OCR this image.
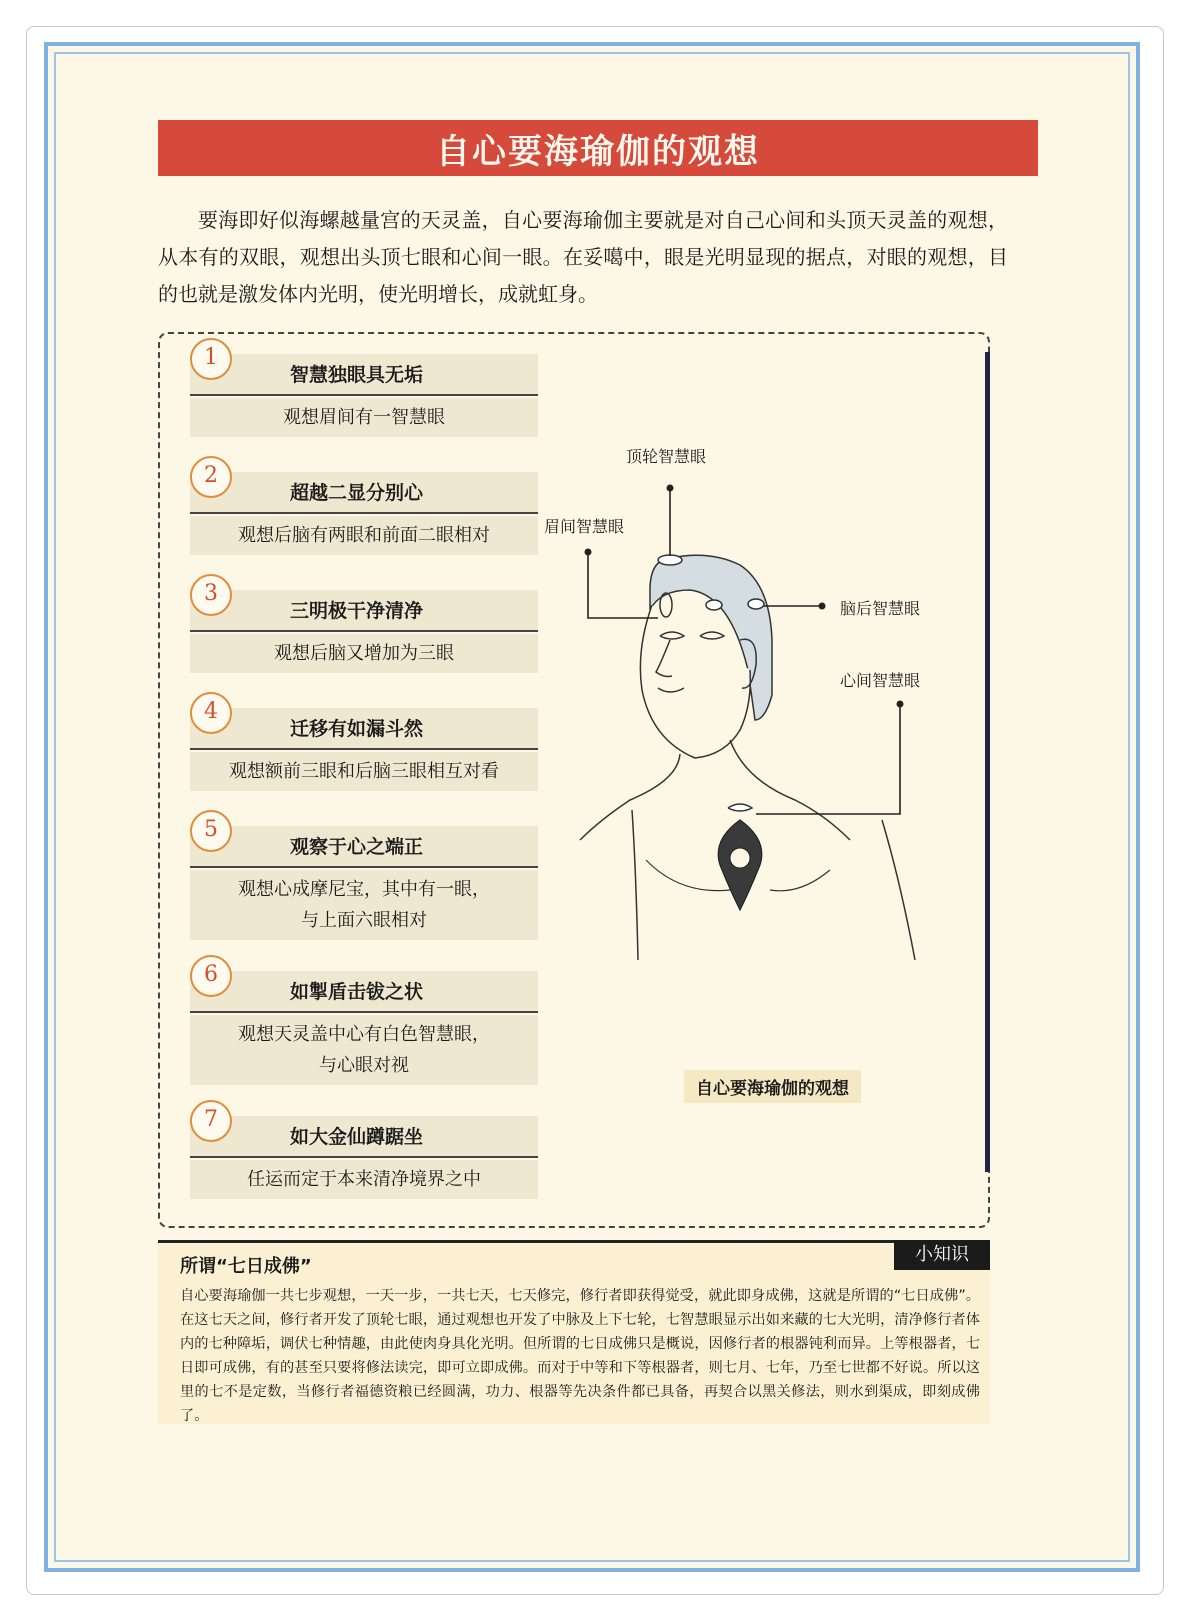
自心要海瑜伽的观想
要海即好似海螺越量宫的天灵盖，自心要海瑜伽主要就是对自己心间和头顶天灵盖的观想，从本有的双眼，观想出头顶七眼和心间一眼。在妥噶中，眼是光明显现的据点，对眼的观想，目的也就是激发体内光明，使光明增长，成就虹身。
智慧独眼具无垢
1
观想眉间有一智慧眼
超越二显分别心
2
观想后脑有两眼和前面二眼相对
三明极干净清净
3
观想后脑又增加为三眼
迁移有如漏斗然
4
观想额前三眼和后脑三眼相互对看
观察于心之端正
5
观想心成摩尼宝，其中有一眼，
与上面六眼相对
如掣盾击钹之状
6
观想天灵盖中心有白色智慧眼，
与心眼对视
如大金仙蹲踞坐
7
任运而定于本来清净境界之中
顶轮智慧眼
眉间智慧眼
脑后智慧眼
心间智慧眼
自心要海瑜伽的观想
小知识
所谓“七日成佛”
自心要海瑜伽一共七步观想，一天一步，一共七天，七天修完，修行者即获得觉受，就此即身成佛，这就是所谓的“七日成佛”。在这七天之间，修行者开发了顶轮七眼，通过观想也开发了中脉及上下七轮，七智慧眼显示出如来藏的七大光明，清净修行者体内的七种障垢，调伏七种情趣，由此使肉身具化光明。但所谓的七日成佛只是概说，因修行者的根器钝利而异。上等根器者，七日即可成佛，有的甚至只要将修法读完，即可立即成佛。而对于中等和下等根器者，则七月、七年，乃至七世都不好说。所以这里的七不是定数，当修行者福德资粮已经圆满，功力、根器等先决条件都已具备，再契合以黑关修法，则水到渠成，即刻成佛了。
